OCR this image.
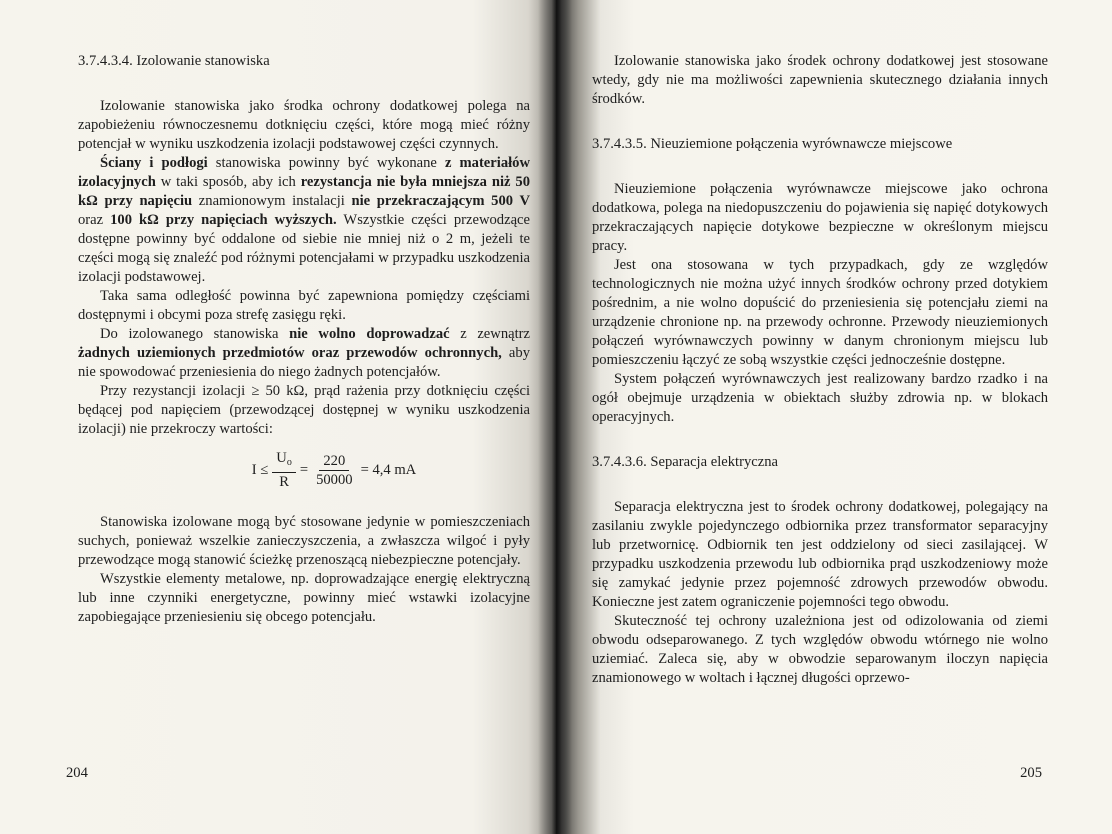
3.7.4.3.4. Izolowanie stanowiska

Izolowanie stanowiska jako środka ochrony dodatkowej polega na zapobieżeniu równoczesnemu dotknięciu części, które mogą mieć różny potencjał w wyniku uszkodzenia izolacji podstawowej części czynnych.

Ściany i podłogi stanowiska powinny być wykonane z materiałów izolacyjnych w taki sposób, aby ich rezystancja nie była mniejsza niż 50 kΩ przy napięciu znamionowym instalacji nie przekraczającym 500 V oraz 100 kΩ przy napięciach wyższych. Wszystkie części przewodzące dostępne powinny być oddalone od siebie nie mniej niż o 2 m, jeżeli te części mogą się znaleźć pod różnymi potencjałami w przypadku uszkodzenia izolacji podstawowej.

Taka sama odległość powinna być zapewniona pomiędzy częściami dostępnymi i obcymi poza strefę zasięgu ręki.

Do izolowanego stanowiska nie wolno doprowadzać z zewnątrz żadnych uziemionych przedmiotów oraz przewodów ochronnych, aby nie spowodować przeniesienia do niego żadnych potencjałów.

Przy rezystancji izolacji ≥ 50 kΩ, prąd rażenia przy dotknięciu części będącej pod napięciem (przewodzącej dostępnej w wyniku uszkodzenia izolacji) nie przekroczy wartości:

$I \le \frac{U_o}{R} = \frac{220}{50000} = 4,4$ mA

Stanowiska izolowane mogą być stosowane jedynie w pomieszczeniach suchych, ponieważ wszelkie zanieczyszczenia, a zwłaszcza wilgoć i pyły przewodzące mogą stanowić ścieżkę przenoszącą niebezpieczne potencjały.

Wszystkie elementy metalowe, np. doprowadzające energię elektryczną lub inne czynniki energetyczne, powinny mieć wstawki izolacyjne zapobiegające przeniesieniu się obcego potencjału.

204

Izolowanie stanowiska jako środek ochrony dodatkowej jest stosowane wtedy, gdy nie ma możliwości zapewnienia skutecznego działania innych środków.

3.7.4.3.5. Nieuziemione połączenia wyrównawcze miejscowe

Nieuziemione połączenia wyrównawcze miejscowe jako ochrona dodatkowa, polega na niedopuszczeniu do pojawienia się napięć dotykowych przekraczających napięcie dotykowe bezpieczne w określonym miejscu pracy.

Jest ona stosowana w tych przypadkach, gdy ze względów technologicznych nie można użyć innych środków ochrony przed dotykiem pośrednim, a nie wolno dopuścić do przeniesienia się potencjału ziemi na urządzenie chronione np. na przewody ochronne. Przewody nieuziemionych połączeń wyrównawczych powinny w danym chronionym miejscu lub pomieszczeniu łączyć ze sobą wszystkie części jednocześnie dostępne.

System połączeń wyrównawczych jest realizowany bardzo rzadko i na ogół obejmuje urządzenia w obiektach służby zdrowia np. w blokach operacyjnych.

3.7.4.3.6. Separacja elektryczna

Separacja elektryczna jest to środek ochrony dodatkowej, polegający na zasilaniu zwykle pojedynczego odbiornika przez transformator separacyjny lub przetwornicę. Odbiornik ten jest oddzielony od sieci zasilającej. W przypadku uszkodzenia przewodu lub odbiornika prąd uszkodzeniowy może się zamykać jedynie przez pojemność zdrowych przewodów obwodu. Konieczne jest zatem ograniczenie pojemności tego obwodu.

Skuteczność tej ochrony uzależniona jest od odizolowania od ziemi obwodu odseparowanego. Z tych względów obwodu wtórnego nie wolno uziemiać. Zaleca się, aby w obwodzie separowanym iloczyn napięcia znamionowego w woltach i łącznej długości oprzewo-

205
